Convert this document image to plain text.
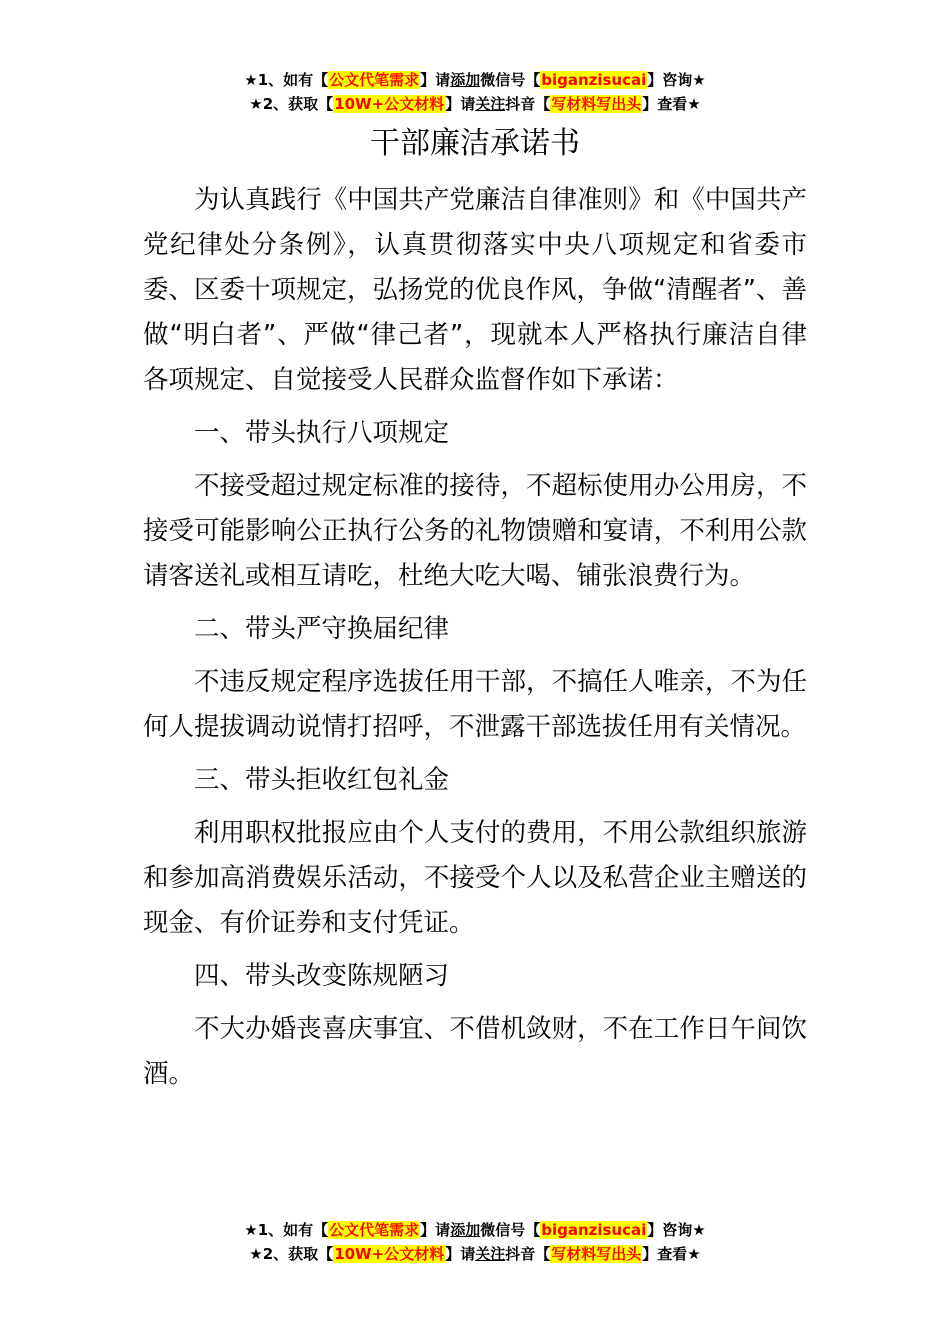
★1、如有【公文代笔需求】请添加微信号【biganzisucai】咨询★
★2、获取【10W+公文材料】请关注抖音【写材料写出头】查看★
干部廉洁承诺书

为认真践行《中国共产党廉洁自律准则》和《中国共产党纪律处分条例》，认真贯彻落实中央八项规定和省委市委、区委十项规定，弘扬党的优良作风，争做“清醒者”、善做“明白者”、严做“律己者”，现就本人严格执行廉洁自律各项规定、自觉接受人民群众监督作如下承诺：

一、带头执行八项规定

不接受超过规定标准的接待，不超标使用办公用房，不接受可能影响公正执行公务的礼物馈赠和宴请，不利用公款请客送礼或相互请吃，杜绝大吃大喝、铺张浪费行为。

二、带头严守换届纪律

不违反规定程序选拔任用干部，不搞任人唯亲，不为任何人提拔调动说情打招呼，不泄露干部选拔任用有关情况。

三、带头拒收红包礼金

利用职权批报应由个人支付的费用，不用公款组织旅游和参加高消费娱乐活动，不接受个人以及私营企业主赠送的现金、有价证券和支付凭证。

四、带头改变陈规陋习

不大办婚丧喜庆事宜、不借机敛财，不在工作日午间饮酒。

★1、如有【公文代笔需求】请添加微信号【biganzisucai】咨询★
★2、获取【10W+公文材料】请关注抖音【写材料写出头】查看★
